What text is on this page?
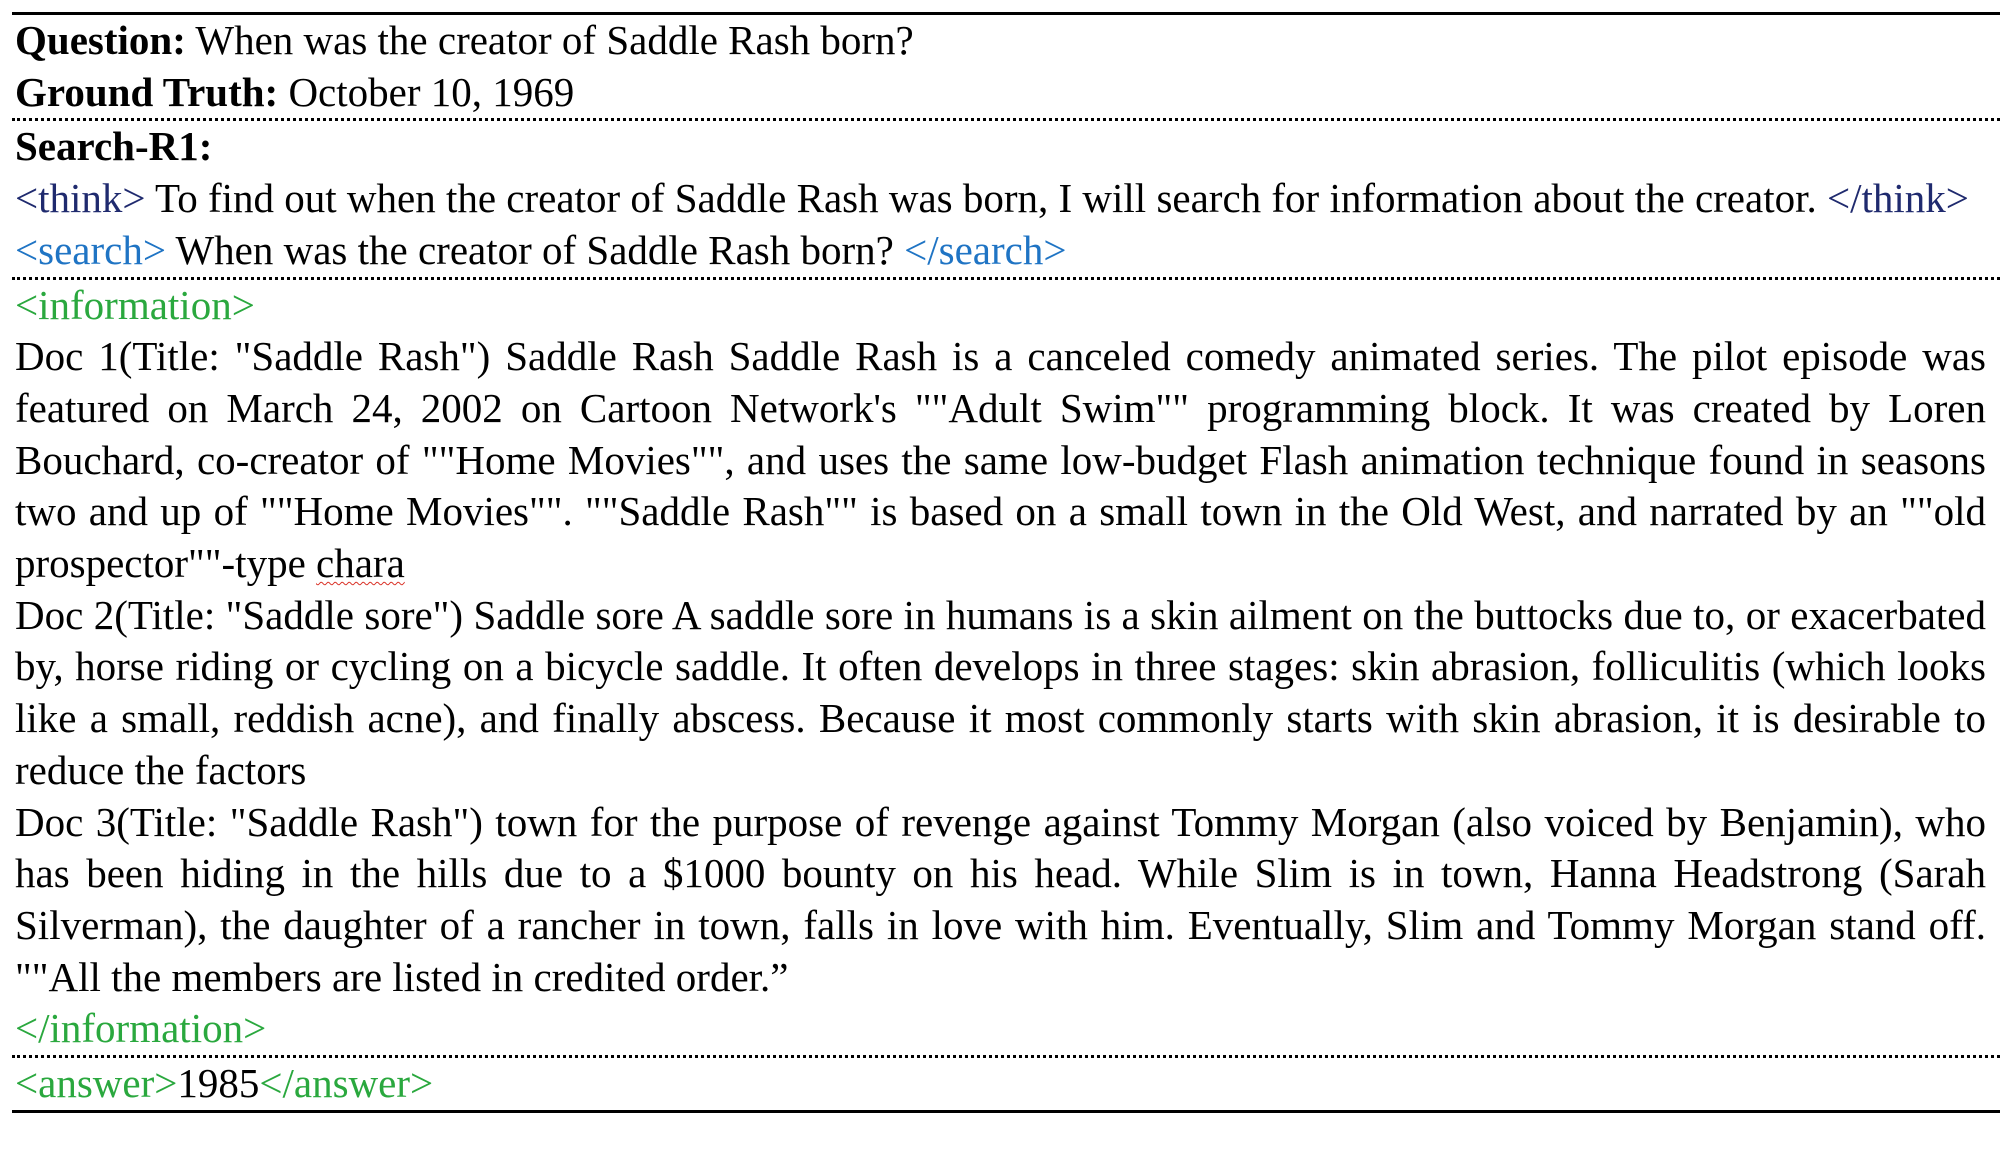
Question: When was the creator of Saddle Rash born?
Ground Truth: October 10, 1969
Search-R1:
<think> To find out when the creator of Saddle Rash was born, I will search for information about the creator. </think>
<search> When was the creator of Saddle Rash born? </search>
<information>
Doc 1(Title: "Saddle Rash") Saddle Rash Saddle Rash is a canceled comedy animated series. The pilot episode was featured on March 24, 2002 on Cartoon Network's ""Adult Swim"" programming block. It was created by Loren Bouchard, co-creator of ""Home Movies"", and uses the same low-budget Flash animation technique found in seasons two and up of ""Home Movies"". ""Saddle Rash"" is based on a small town in the Old West, and narrated by an ""old prospector""-type chara
Doc 2(Title: "Saddle sore") Saddle sore A saddle sore in humans is a skin ailment on the buttocks due to, or exacerbated by, horse riding or cycling on a bicycle saddle. It often develops in three stages: skin abrasion, folliculitis (which looks like a small, reddish acne), and finally abscess. Because it most commonly starts with skin abrasion, it is desirable to reduce the factors
Doc 3(Title: "Saddle Rash") town for the purpose of revenge against Tommy Morgan (also voiced by Benjamin), who has been hiding in the hills due to a $1000 bounty on his head. While Slim is in town, Hanna Headstrong (Sarah Silverman), the daughter of a rancher in town, falls in love with him. Eventually, Slim and Tommy Morgan stand off. ""All the members are listed in credited order.”
</information>
<answer>1985</answer>
